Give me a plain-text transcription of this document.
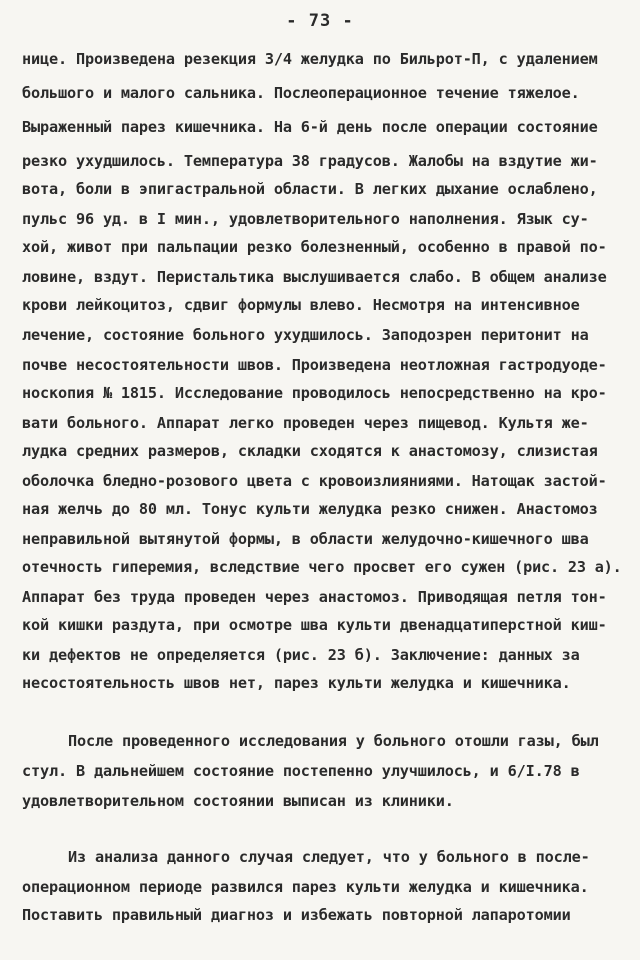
- 73 -
нице. Произведена резекция 3/4 желудка по Бильрот-П, с удалением
большого и малого сальника. Послеоперационное течение тяжелое.
Выраженный парез кишечника. На 6-й день после операции состояние
резко ухудшилось. Температура 38 градусов. Жалобы на вздутие жи-
вота, боли в эпигастральной области. В легких дыхание ослаблено,
пульс 96 уд. в I мин., удовлетворительного наполнения. Язык су-
хой, живот при пальпации резко болезненный, особенно в правой по-
ловине, вздут. Перистальтика выслушивается слабо. В общем анализе
крови лейкоцитоз, сдвиг формулы влево. Несмотря на интенсивное
лечение, состояние больного ухудшилось. Заподозрен перитонит на
почве несостоятельности швов. Произведена неотложная гастродуоде-
носкопия № 1815. Исследование проводилось непосредственно на кро-
вати больного. Аппарат легко проведен через пищевод. Культя же-
лудка средних размеров, складки сходятся к анастомозу, слизистая
оболочка бледно-розового цвета с кровоизлияниями. Натощак застой-
ная желчь до 80 мл. Тонус культи желудка резко снижен. Анастомоз
неправильной вытянутой формы, в области желудочно-кишечного шва
отечность гиперемия, вследствие чего просвет его сужен (рис. 23 а).
Аппарат без труда проведен через анастомоз. Приводящая петля тон-
кой кишки раздута, при осмотре шва культи двенадцатиперстной киш-
ки дефектов не определяется (рис. 23 б). Заключение: данных за
несостоятельность швов нет, парез культи желудка и кишечника.
После проведенного исследования у больного отошли газы, был
стул. В дальнейшем состояние постепенно улучшилось, и 6/I.78 в
удовлетворительном состоянии выписан из клиники.
Из анализа данного случая следует, что у больного в после-
операционном периоде развился парез культи желудка и кишечника.
Поставить правильный диагноз и избежать повторной лапаротомии
